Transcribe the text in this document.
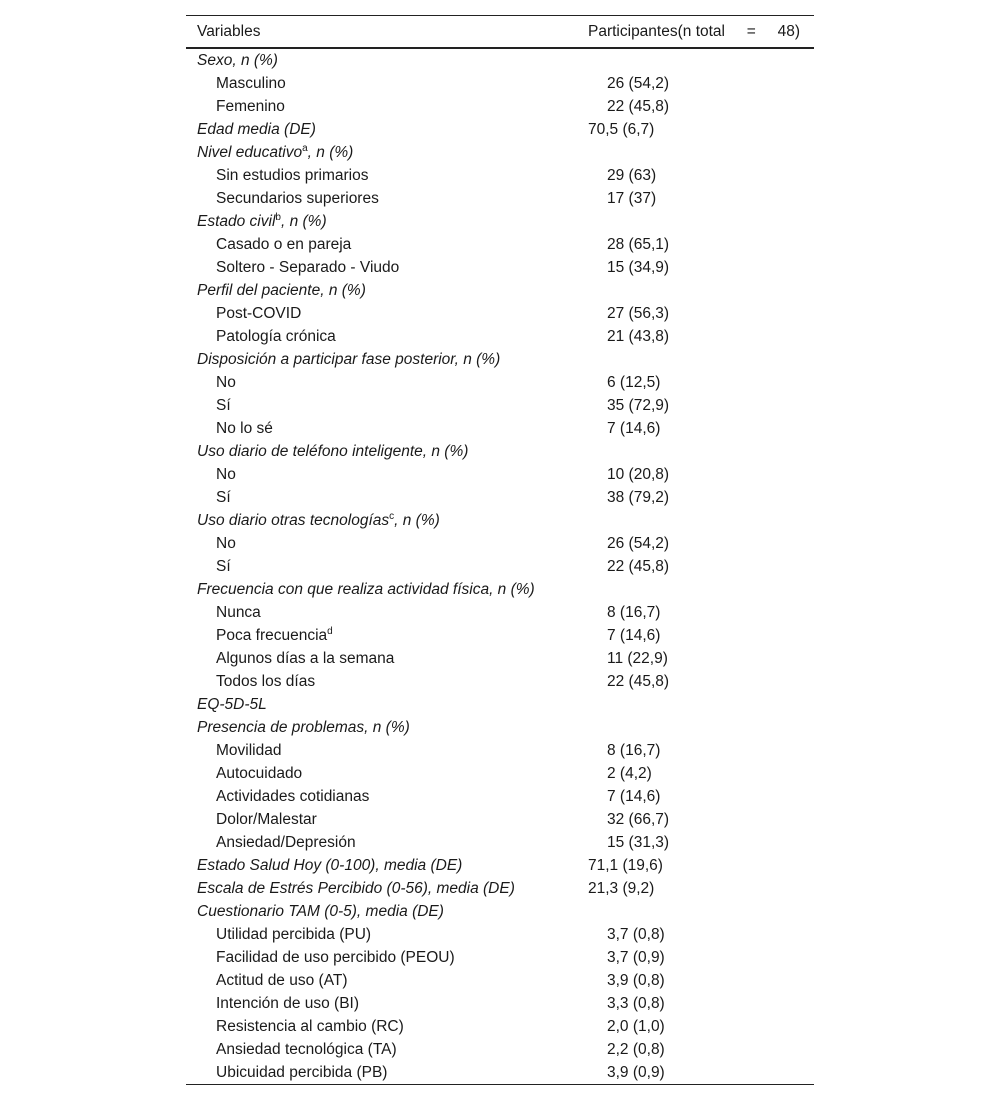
Variables	Participantes(n total = 48)
Sexo, n (%)
Masculino	26 (54,2)
Femenino	22 (45,8)
Edad media (DE)	70,5 (6,7)
Nivel educativo$^a$, n (%)
Sin estudios primarios	29 (63)
Secundarios superiores	17 (37)
Estado civil$^b$, n (%)
Casado o en pareja	28 (65,1)
Soltero - Separado - Viudo	15 (34,9)
Perfil del paciente, n (%)
Post-COVID	27 (56,3)
Patología crónica	21 (43,8)
Disposición a participar fase posterior, n (%)
No	6 (12,5)
Sí	35 (72,9)
No lo sé	7 (14,6)
Uso diario de teléfono inteligente, n (%)
No	10 (20,8)
Sí	38 (79,2)
Uso diario otras tecnologías$^c$, n (%)
No	26 (54,2)
Sí	22 (45,8)
Frecuencia con que realiza actividad física, n (%)
Nunca	8 (16,7)
Poca frecuencia$^d$	7 (14,6)
Algunos días a la semana	11 (22,9)
Todos los días	22 (45,8)
EQ-5D-5L
Presencia de problemas, n (%)
Movilidad	8 (16,7)
Autocuidado	2 (4,2)
Actividades cotidianas	7 (14,6)
Dolor/Malestar	32 (66,7)
Ansiedad/Depresión	15 (31,3)
Estado Salud Hoy (0-100), media (DE)	71,1 (19,6)
Escala de Estrés Percibido (0-56), media (DE)	21,3 (9,2)
Cuestionario TAM (0-5), media (DE)
Utilidad percibida (PU)	3,7 (0,8)
Facilidad de uso percibido (PEOU)	3,7 (0,9)
Actitud de uso (AT)	3,9 (0,8)
Intención de uso (BI)	3,3 (0,8)
Resistencia al cambio (RC)	2,0 (1,0)
Ansiedad tecnológica (TA)	2,2 (0,8)
Ubicuidad percibida (PB)	3,9 (0,9)
